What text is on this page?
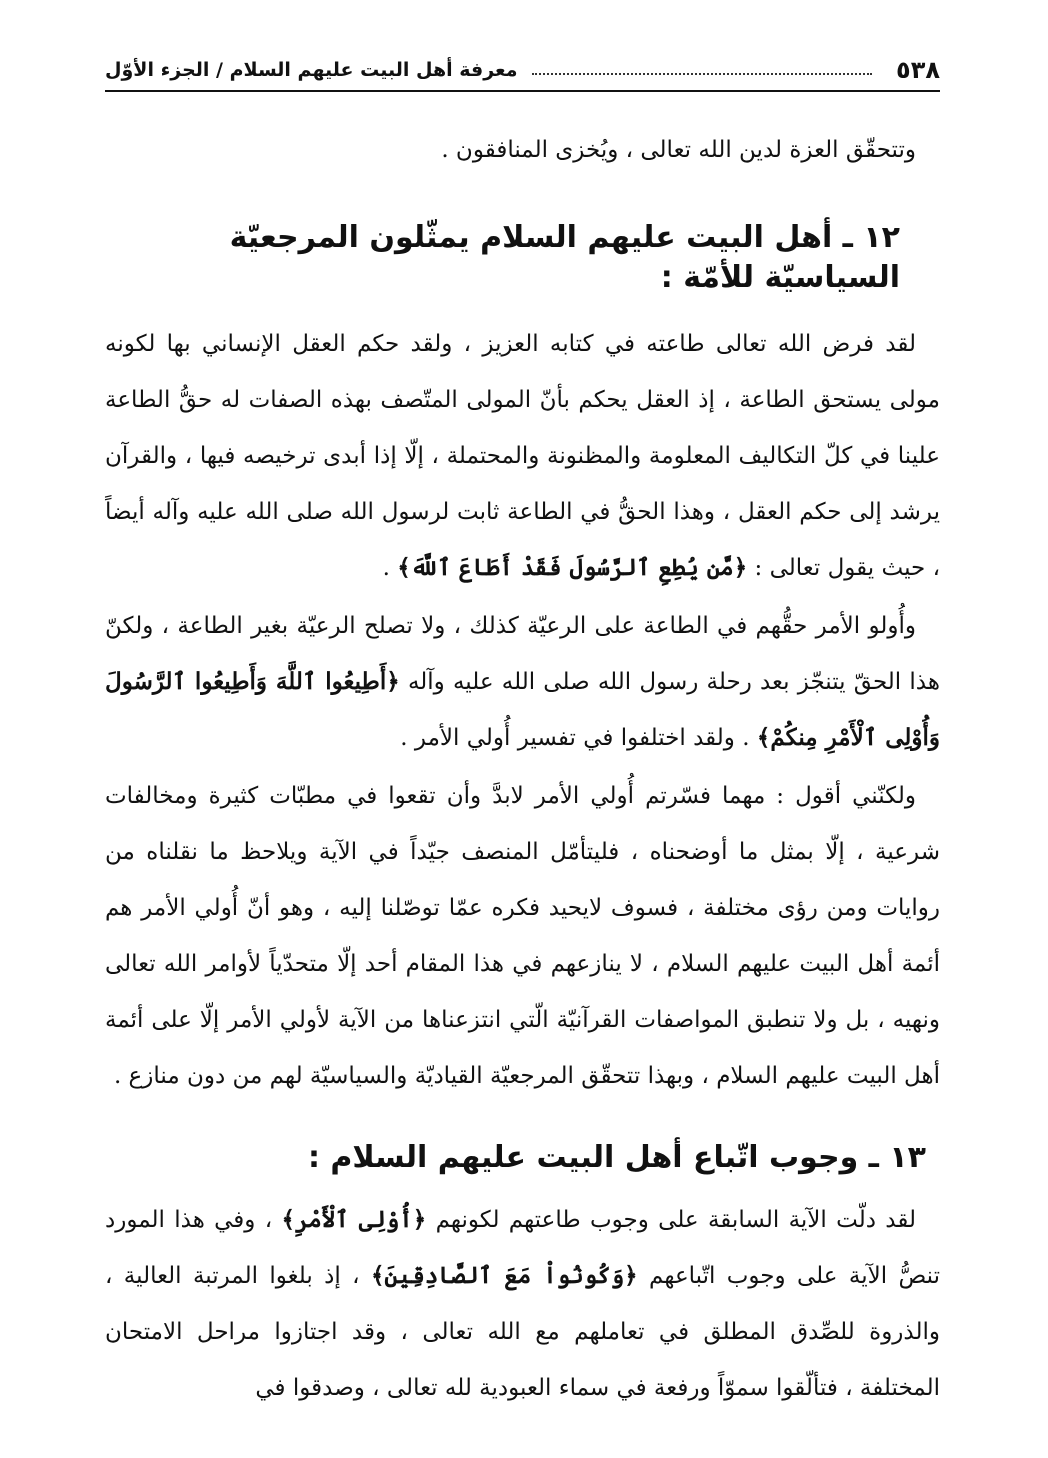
٥٣٨
معرفة أهل البيت عليهم السلام / الجزء الأوّل

وتتحقّق العزة لدين الله تعالى ، ويُخزى المنافقون .

١٢ ـ أهل البيت عليهم السلام يمثّلون المرجعيّة السياسيّة للأمّة :

لقد فرض الله تعالى طاعته في كتابه العزيز ، ولقد حكم العقل الإنساني بها لكونه مولى يستحق الطاعة ، إذ العقل يحكم بأنّ المولى المتّصف بهذه الصفات له حقُّ الطاعة علينا في كلّ التكاليف المعلومة والمظنونة والمحتملة ، إلّا إذا أبدى ترخيصه فيها ، والقرآن يرشد إلى حكم العقل ، وهذا الحقُّ في الطاعة ثابت لرسول الله صلى الله عليه وآله أيضاً ، حيث يقول تعالى : ﴿مَّن يُطِعِ ٱلرَّسُولَ فَقَدْ أَطَاعَ ٱللَّهَ﴾ .

وأُولو الأمر حقُّهم في الطاعة على الرعيّة كذلك ، ولا تصلح الرعيّة بغير الطاعة ، ولكنّ هذا الحقّ يتنجّز بعد رحلة رسول الله صلى الله عليه وآله ﴿أَطِيعُوا ٱللَّهَ وَأَطِيعُوا ٱلرَّسُولَ وَأُوْلِى ٱلْأَمْرِ مِنكُمْ﴾ . ولقد اختلفوا في تفسير أُولي الأمر .

ولكنّني أقول : مهما فسّرتم أُولي الأمر لابدَّ وأن تقعوا في مطبّات كثيرة ومخالفات شرعية ، إلّا بمثل ما أوضحناه ، فليتأمّل المنصف جيّداً في الآية ويلاحظ ما نقلناه من روايات ومن رؤى مختلفة ، فسوف لايحيد فكره عمّا توصّلنا إليه ، وهو أنّ أُولي الأمر هم أئمة أهل البيت عليهم السلام ، لا ينازعهم في هذا المقام أحد إلّا متحدّياً لأوامر الله تعالى ونهيه ، بل ولا تنطبق المواصفات القرآنيّة الّتي انتزعناها من الآية لأولي الأمر إلّا على أئمة أهل البيت عليهم السلام ، وبهذا تتحقّق المرجعيّة القياديّة والسياسيّة لهم من دون منازع .

١٣ ـ وجوب اتّباع أهل البيت عليهم السلام :

لقد دلّت الآية السابقة على وجوب طاعتهم لكونهم ﴿أُوْلِى ٱلْأَمْرِ﴾ ، وفي هذا المورد تنصُّ الآية على وجوب اتّباعهم ﴿وَكُونُواْ مَعَ ٱلصَّادِقِينَ﴾ ، إذ بلغوا المرتبة العالية ، والذروة للصِّدق المطلق في تعاملهم مع الله تعالى ، وقد اجتازوا مراحل الامتحان المختلفة ، فتألّقوا سموّاً ورفعة في سماء العبودية لله تعالى ، وصدقوا في
